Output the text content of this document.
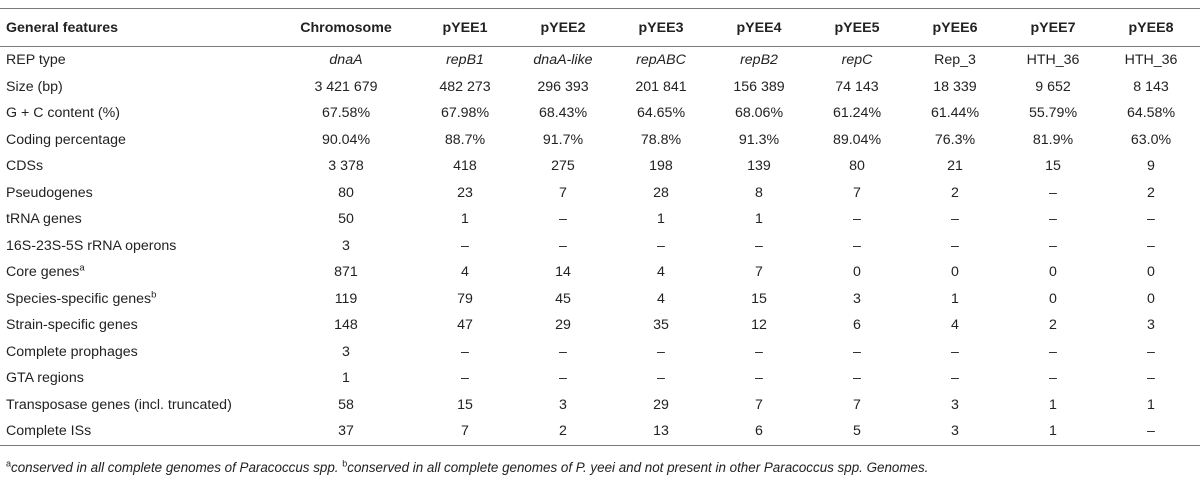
General features	Chromosome	pYEE1	pYEE2	pYEE3	pYEE4	pYEE5	pYEE6	pYEE7	pYEE8
REP type	dnaA	repB1	dnaA-like	repABC	repB2	repC	Rep_3	HTH_36	HTH_36
Size (bp)	3 421 679	482 273	296 393	201 841	156 389	74 143	18 339	9 652	8 143
G + C content (%)	67.58%	67.98%	68.43%	64.65%	68.06%	61.24%	61.44%	55.79%	64.58%
Coding percentage	90.04%	88.7%	91.7%	78.8%	91.3%	89.04%	76.3%	81.9%	63.0%
CDSs	3 378	418	275	198	139	80	21	15	9
Pseudogenes	80	23	7	28	8	7	2	–	2
tRNA genes	50	1	–	1	1	–	–	–	–
16S-23S-5S rRNA operons	3	–	–	–	–	–	–	–	–
Core genes$^a$	871	4	14	4	7	0	0	0	0
Species-specific genes$^b$	119	79	45	4	15	3	1	0	0
Strain-specific genes	148	47	29	35	12	6	4	2	3
Complete prophages	3	–	–	–	–	–	–	–	–
GTA regions	1	–	–	–	–	–	–	–	–
Transposase genes (incl. truncated)	58	15	3	29	7	7	3	1	1
Complete ISs	37	7	2	13	6	5	3	1	–
$^a$conserved in all complete genomes of Paracoccus spp. $^b$conserved in all complete genomes of P. yeei and not present in other Paracoccus spp. Genomes.
